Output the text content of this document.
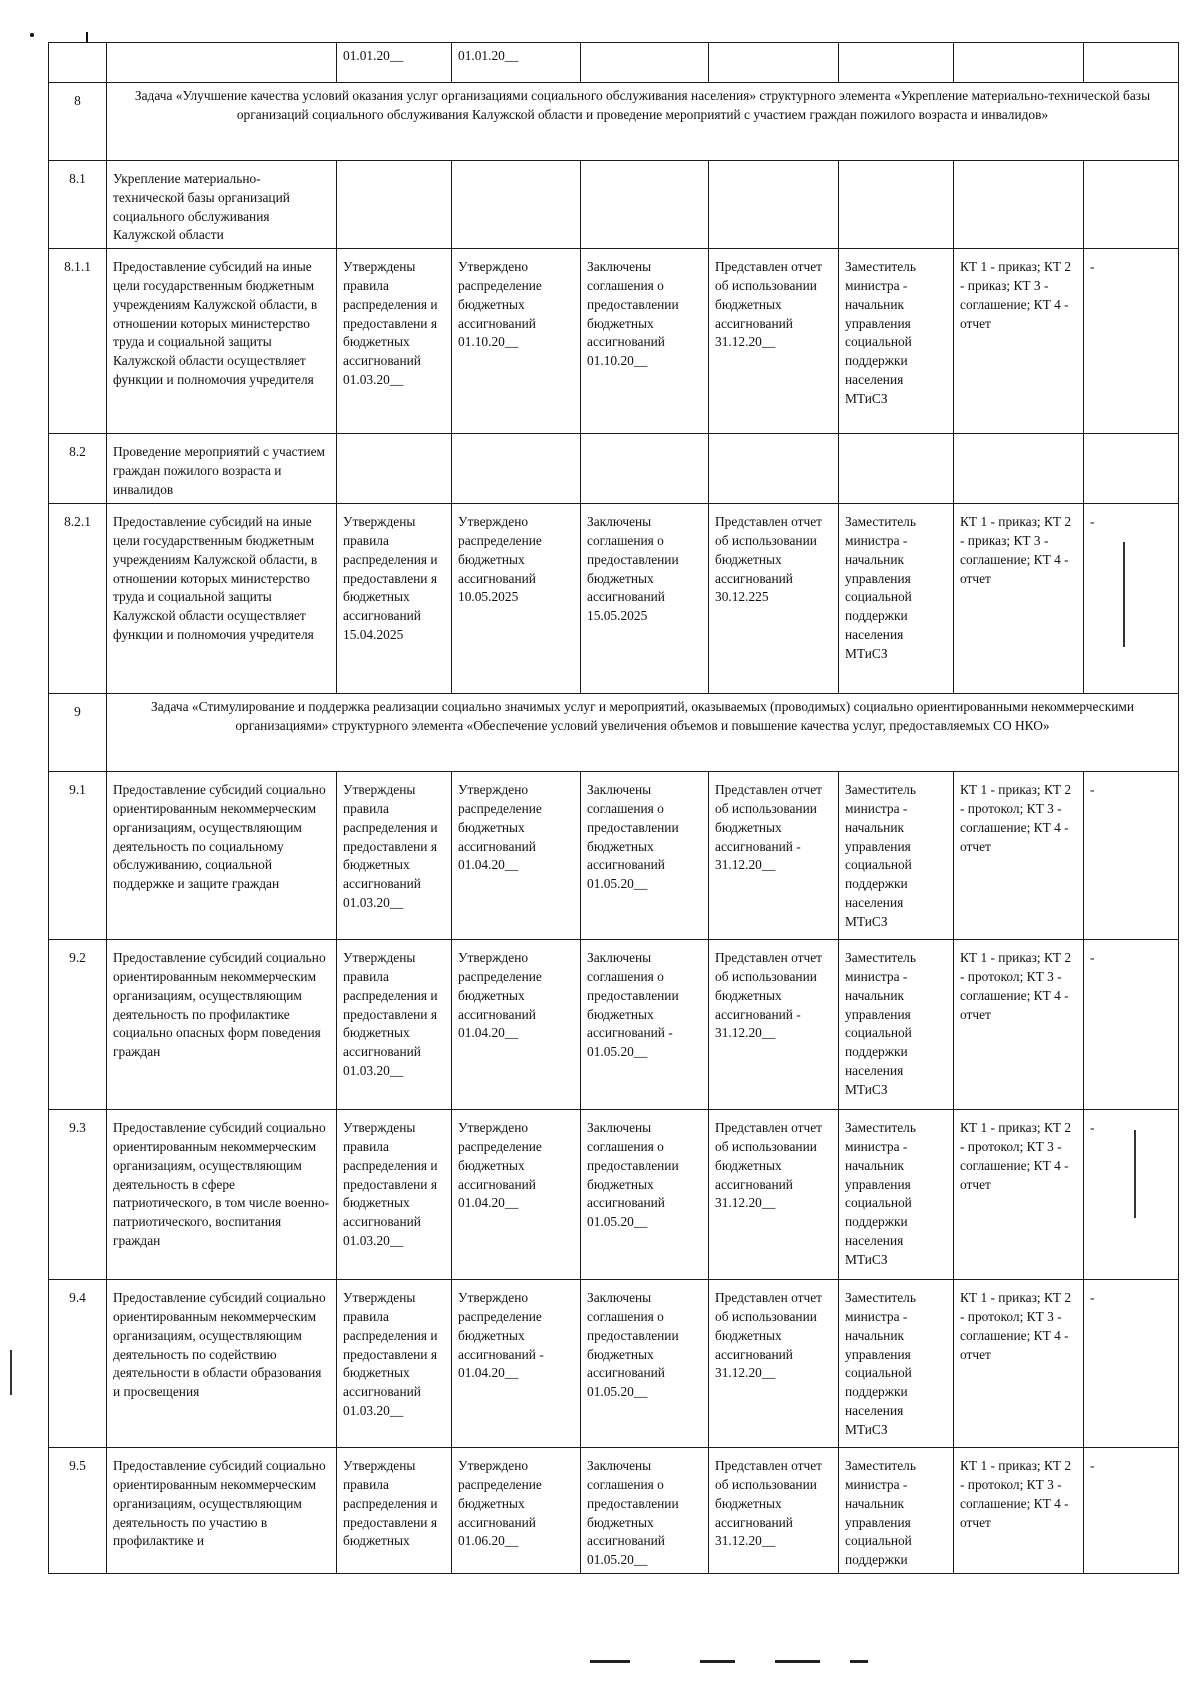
		01.01.20__	01.01.20__					
8	Задача «Улучшение качества условий оказания услуг организациями социального обслуживания населения» структурного элемента «Укрепление материально-технической базы организаций социального обслуживания Калужской области и проведение мероприятий с участием граждан пожилого возраста и инвалидов»							
8.1	Укрепление материально-технической базы организаций социального обслуживания Калужской области							
8.1.1	Предоставление субсидий на иные цели государственным бюджетным учреждениям Калужской области, в отношении которых министерство труда и социальной защиты Калужской области осуществляет функции и полномочия учредителя	Утверждены правила распределения и предоставлени я бюджетных ассигнований 01.03.20__	Утверждено распределение бюджетных ассигнований 01.10.20__	Заключены соглашения о предоставлении бюджетных ассигнований 01.10.20__	Представлен отчет об использовании бюджетных ассигнований 31.12.20__	Заместитель министра - начальник управления социальной поддержки населения МТиСЗ	КТ 1 - приказ; КТ 2 - приказ; КТ 3 - соглашение; КТ 4 - отчет	-
8.2	Проведение мероприятий с участием граждан пожилого возраста и инвалидов							
8.2.1	Предоставление субсидий на иные цели государственным бюджетным учреждениям Калужской области, в отношении которых министерство труда и социальной защиты Калужской области осуществляет функции и полномочия учредителя	Утверждены правила распределения и предоставлени я бюджетных ассигнований 15.04.2025	Утверждено распределение бюджетных ассигнований 10.05.2025	Заключены соглашения о предоставлении бюджетных ассигнований 15.05.2025	Представлен отчет об использовании бюджетных ассигнований 30.12.225	Заместитель министра - начальник управления социальной поддержки населения МТиСЗ	КТ 1 - приказ; КТ 2 - приказ; КТ 3 - соглашение; КТ 4 - отчет	-
9	Задача «Стимулирование и поддержка реализации социально значимых услуг и мероприятий, оказываемых (проводимых) социально ориентированными некоммерческими организациями» структурного элемента «Обеспечение условий увеличения объемов и повышение качества услуг, предоставляемых СО НКО»							
9.1	Предоставление субсидий социально ориентированным некоммерческим организациям, осуществляющим деятельность по социальному обслуживанию, социальной поддержке и защите граждан	Утверждены правила распределения и предоставлени я бюджетных ассигнований 01.03.20__	Утверждено распределение бюджетных ассигнований 01.04.20__	Заключены соглашения о предоставлении бюджетных ассигнований 01.05.20__	Представлен отчет об использовании бюджетных ассигнований - 31.12.20__	Заместитель министра - начальник управления социальной поддержки населения МТиСЗ	КТ 1 - приказ; КТ 2 - протокол; КТ 3 - соглашение; КТ 4 - отчет	-
9.2	Предоставление субсидий социально ориентированным некоммерческим организациям, осуществляющим деятельность по профилактике социально опасных форм поведения граждан	Утверждены правила распределения и предоставлени я бюджетных ассигнований 01.03.20__	Утверждено распределение бюджетных ассигнований 01.04.20__	Заключены соглашения о предоставлении бюджетных ассигнований - 01.05.20__	Представлен отчет об использовании бюджетных ассигнований - 31.12.20__	Заместитель министра - начальник управления социальной поддержки населения МТиСЗ	КТ 1 - приказ; КТ 2 - протокол; КТ 3 - соглашение; КТ 4 - отчет	-
9.3	Предоставление субсидий социально ориентированным некоммерческим организациям, осуществляющим деятельность в сфере патриотического, в том числе военно-патриотического, воспитания граждан	Утверждены правила распределения и предоставлени я бюджетных ассигнований 01.03.20__	Утверждено распределение бюджетных ассигнований 01.04.20__	Заключены соглашения о предоставлении бюджетных ассигнований 01.05.20__	Представлен отчет об использовании бюджетных ассигнований 31.12.20__	Заместитель министра - начальник управления социальной поддержки населения МТиСЗ	КТ 1 - приказ; КТ 2 - протокол; КТ 3 - соглашение; КТ 4 - отчет	-
9.4	Предоставление субсидий социально ориентированным некоммерческим организациям, осуществляющим деятельность по содействию деятельности в области образования и просвещения	Утверждены правила распределения и предоставлени я бюджетных ассигнований 01.03.20__	Утверждено распределение бюджетных ассигнований - 01.04.20__	Заключены соглашения о предоставлении бюджетных ассигнований 01.05.20__	Представлен отчет об использовании бюджетных ассигнований 31.12.20__	Заместитель министра - начальник управления социальной поддержки населения МТиСЗ	КТ 1 - приказ; КТ 2 - протокол; КТ 3 - соглашение; КТ 4 - отчет	-
9.5	Предоставление субсидий социально ориентированным некоммерческим организациям, осуществляющим деятельность по участию в профилактике и	Утверждены правила распределения и предоставлени я бюджетных	Утверждено распределение бюджетных ассигнований 01.06.20__	Заключены соглашения о предоставлении бюджетных ассигнований 01.05.20__	Представлен отчет об использовании бюджетных ассигнований 31.12.20__	Заместитель министра - начальник управления социальной поддержки	КТ 1 - приказ; КТ 2 - протокол; КТ 3 - соглашение; КТ 4 - отчет	-
